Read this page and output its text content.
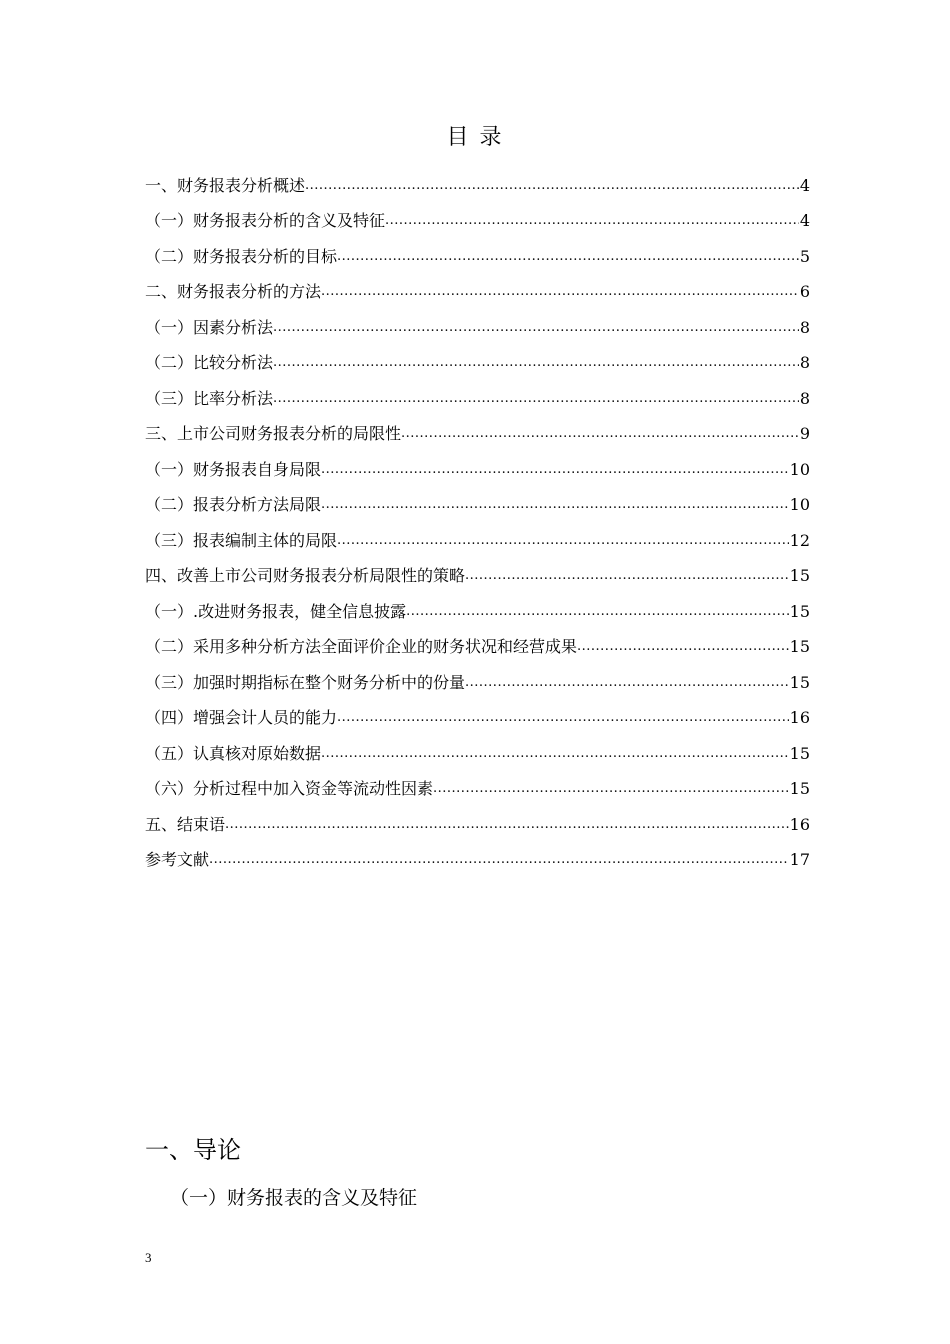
目 录
一、财务报表分析概述 .....	4
（一）财务报表分析的含义及特征 .....	4
（二）财务报表分析的目标 .....	5
二、财务报表分析的方法 .....	6
（一）因素分析法 .....	8
（二）比较分析法 .....	8
（三）比率分析法 .....	8
三、上市公司财务报表分析的局限性 .....	9
（一）财务报表自身局限 .....	10
（二）报表分析方法局限 .....	10
（三）报表编制主体的局限 .....	12
四、改善上市公司财务报表分析局限性的策略 .....	15
（一）.改进财务报表，健全信息披露 .....	15
（二）采用多种分析方法全面评价企业的财务状况和经营成果 .....	15
（三）加强时期指标在整个财务分析中的份量 .....	15
（四）增强会计人员的能力 .....	16
（五）认真核对原始数据 .....	15
（六）分析过程中加入资金等流动性因素 .....	15
五、结束语 .....	16
参考文献 .....	17
一、导论
（一）财务报表的含义及特征
3
